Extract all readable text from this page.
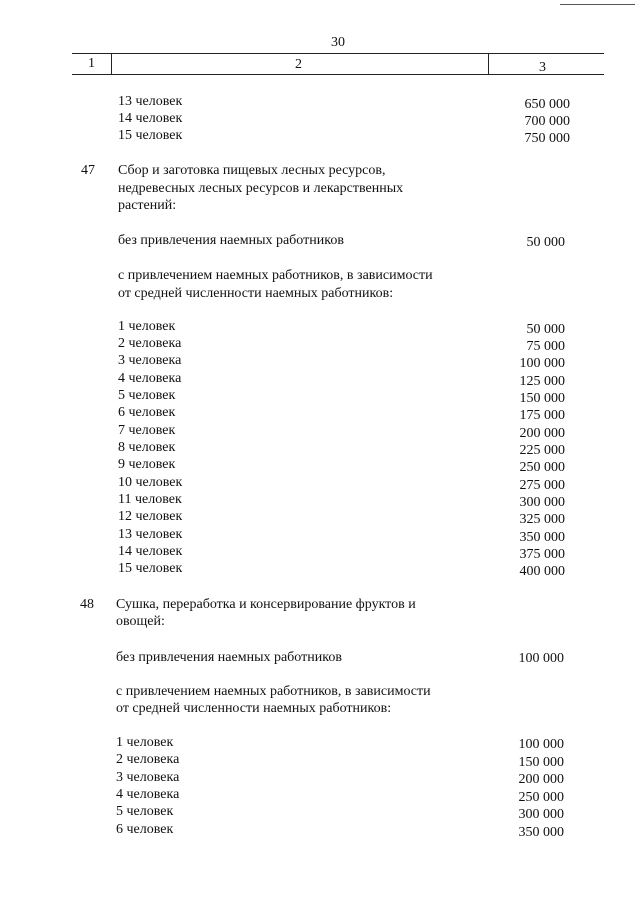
30
1	2	3
13 человек	650 000
14 человек	700 000
15 человек	750 000
47 Сбор и заготовка пищевых лесных ресурсов,
недревесных лесных ресурсов и лекарственных
растений:
без привлечения наемных работников	50 000
с привлечением наемных работников, в зависимости
от средней численности наемных работников:
1 человек	50 000
2 человека	75 000
3 человека	100 000
4 человека	125 000
5 человек	150 000
6 человек	175 000
7 человек	200 000
8 человек	225 000
9 человек	250 000
10 человек	275 000
11 человек	300 000
12 человек	325 000
13 человек	350 000
14 человек	375 000
15 человек	400 000
48 Сушка, переработка и консервирование фруктов и
овощей:
без привлечения наемных работников	100 000
с привлечением наемных работников, в зависимости
от средней численности наемных работников:
1 человек	100 000
2 человека	150 000
3 человека	200 000
4 человека	250 000
5 человек	300 000
6 человек	350 000
